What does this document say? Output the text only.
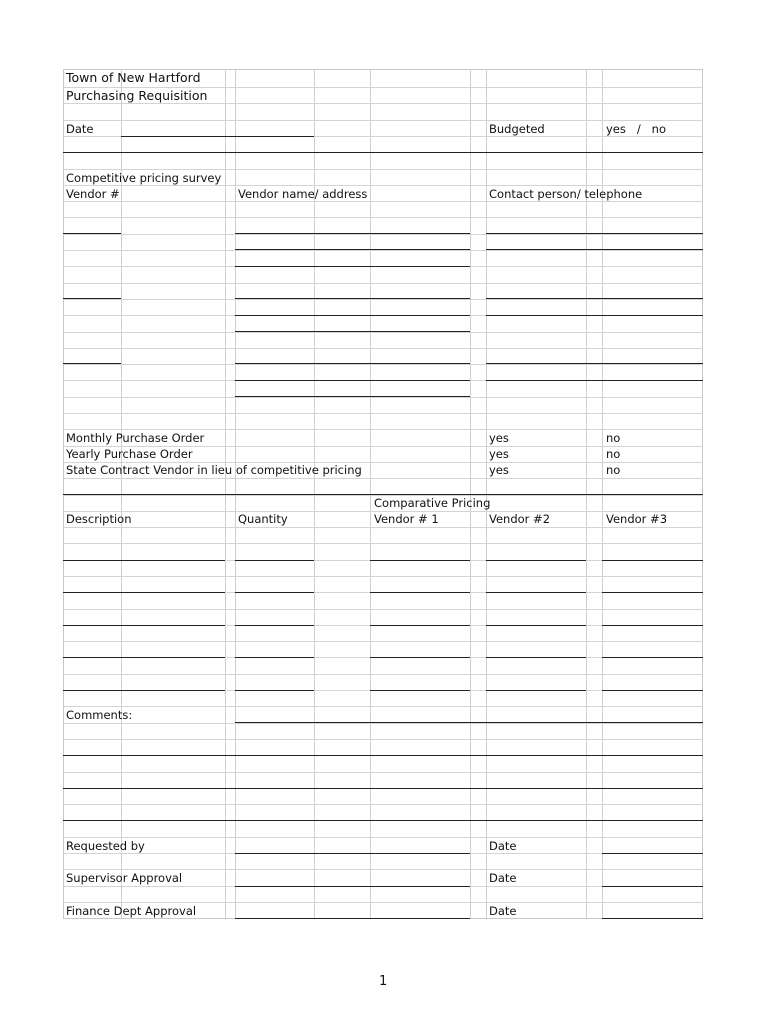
Town of New Hartford
Purchasing Requisition
Date	Budgeted	yes   /   no
Competitive pricing survey
Vendor #	Vendor name/ address	Contact person/ telephone
Monthly Purchase Order	yes	no
Yearly Purchase Order	yes	no
State Contract Vendor in lieu of competitive pricing	yes	no
Comparative Pricing
Description	Quantity	Vendor # 1	Vendor #2	Vendor #3
Comments:
Requested by	Date
Supervisor Approval	Date
Finance Dept Approval	Date
1
